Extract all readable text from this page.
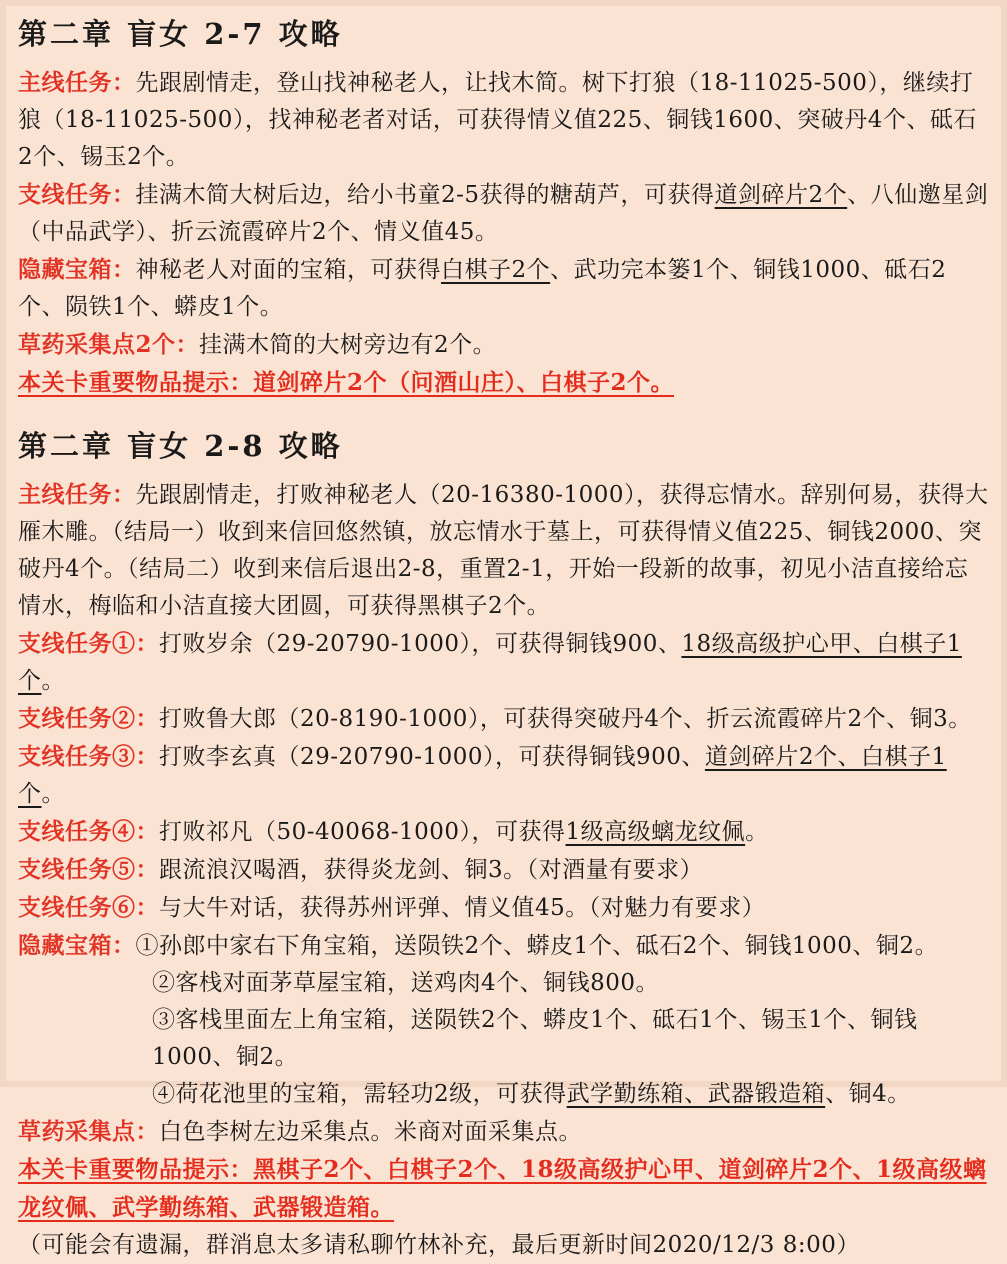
第二章 盲女 2-7 攻略
主线任务：先跟剧情走，登山找神秘老人，让找木简。树下打狼（18-11025-500），继续打狼（18-11025-500），找神秘老者对话，可获得情义值225、铜钱1600、突破丹4个、砥石2个、锡玉2个。
支线任务：挂满木简大树后边，给小书童2-5获得的糖葫芦，可获得道剑碎片2个、八仙邀星剑（中品武学）、折云流霞碎片2个、情义值45。
隐藏宝箱：神秘老人对面的宝箱，可获得白棋子2个、武功完本篓1个、铜钱1000、砥石2个、陨铁1个、蟒皮1个。
草药采集点2个：挂满木简的大树旁边有2个。
本关卡重要物品提示：道剑碎片2个（问酒山庄）、白棋子2个。
第二章 盲女 2-8 攻略
主线任务：先跟剧情走，打败神秘老人（20-16380-1000），获得忘情水。辞别何易，获得大雁木雕。（结局一）收到来信回悠然镇，放忘情水于墓上，可获得情义值225、铜钱2000、突破丹4个。（结局二）收到来信后退出2-8，重置2-1，开始一段新的故事，初见小洁直接给忘情水，梅临和小洁直接大团圆，可获得黑棋子2个。
支线任务①：打败岁余（29-20790-1000），可获得铜钱900、18级高级护心甲、白棋子1个。
支线任务②：打败鲁大郎（20-8190-1000），可获得突破丹4个、折云流霞碎片2个、铜3。
支线任务③：打败李玄真（29-20790-1000），可获得铜钱900、道剑碎片2个、白棋子1个。
支线任务④：打败祁凡（50-40068-1000），可获得1级高级螭龙纹佩。
支线任务⑤：跟流浪汉喝酒，获得炎龙剑、铜3。（对酒量有要求）
支线任务⑥：与大牛对话，获得苏州评弹、情义值45。（对魅力有要求）
隐藏宝箱：①孙郎中家右下角宝箱，送陨铁2个、蟒皮1个、砥石2个、铜钱1000、铜2。
②客栈对面茅草屋宝箱，送鸡肉4个、铜钱800。
③客栈里面左上角宝箱，送陨铁2个、蟒皮1个、砥石1个、锡玉1个、铜钱1000、铜2。
④荷花池里的宝箱，需轻功2级，可获得武学勤练箱、武器锻造箱、铜4。
草药采集点：白色李树左边采集点。米商对面采集点。
本关卡重要物品提示：黑棋子2个、白棋子2个、18级高级护心甲、道剑碎片2个、1级高级螭龙纹佩、武学勤练箱、武器锻造箱。
（可能会有遗漏，群消息太多请私聊竹林补充，最后更新时间2020/12/3 8:00）
